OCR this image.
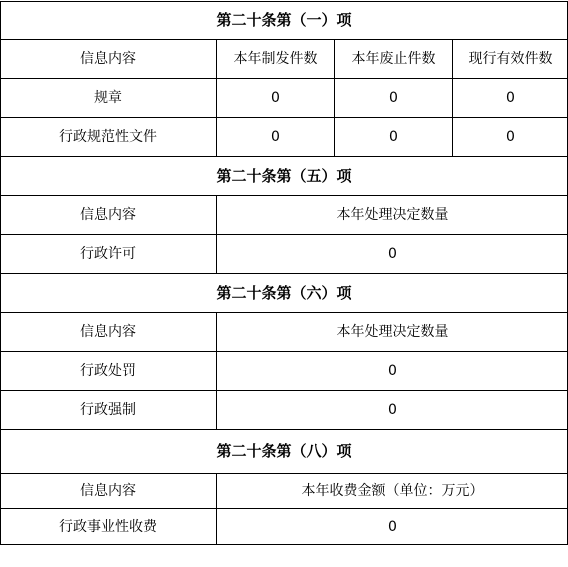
第二十条第（一）项
信息内容	本年制发件数	本年废止件数	现行有效件数
规章	0	0	0
行政规范性文件	0	0	0
第二十条第（五）项
信息内容	本年处理决定数量
行政许可	0
第二十条第（六）项
信息内容	本年处理决定数量
行政处罚	0
行政强制	0
第二十条第（八）项
信息内容	本年收费金额（单位：万元）
行政事业性收费	0
